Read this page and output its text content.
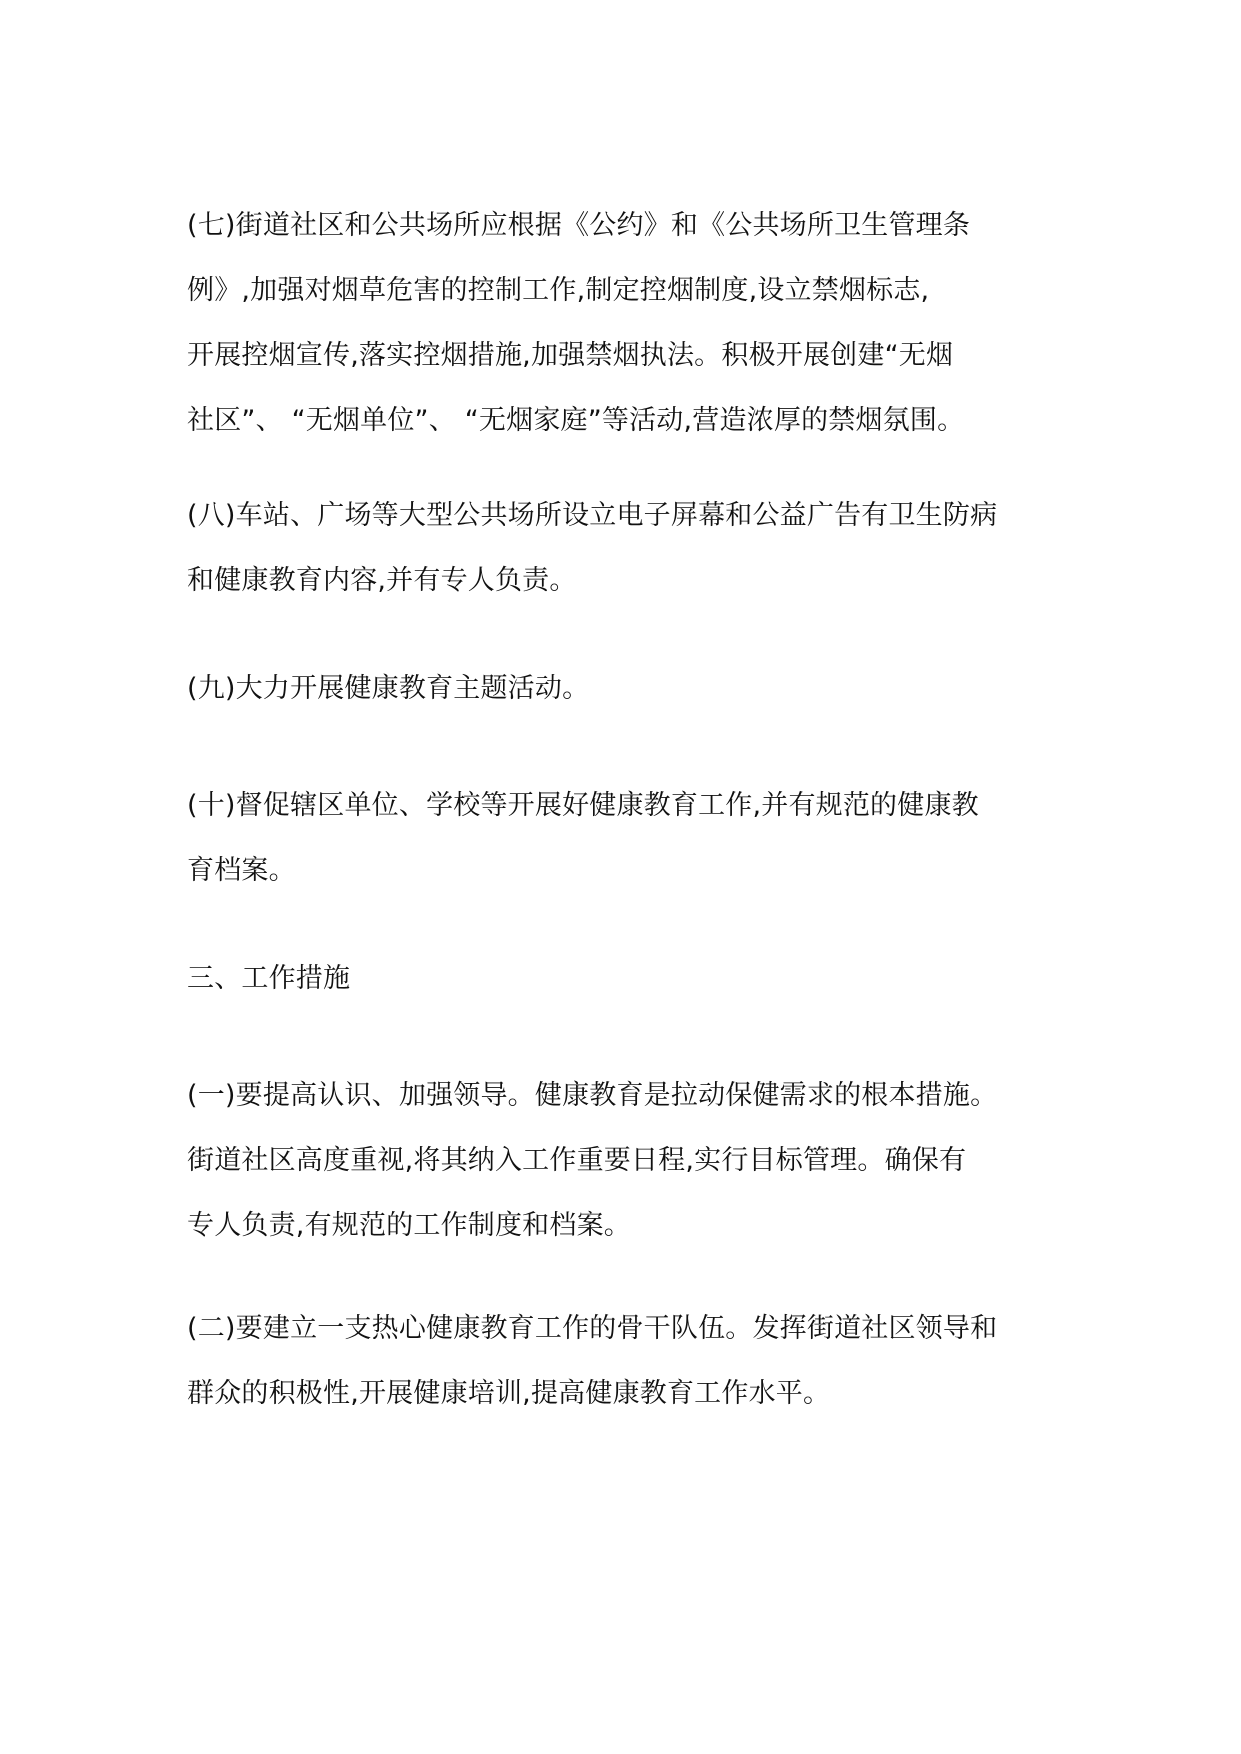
(七)街道社区和公共场所应根据《公约》和《公共场所卫生管理条
例》,加强对烟草危害的控制工作,制定控烟制度,设立禁烟标志,
开展控烟宣传,落实控烟措施,加强禁烟执法。积极开展创建“无烟
社区”、 “无烟单位”、 “无烟家庭”等活动,营造浓厚的禁烟氛围。
(八)车站、广场等大型公共场所设立电子屏幕和公益广告有卫生防病
和健康教育内容,并有专人负责。
(九)大力开展健康教育主题活动。
(十)督促辖区单位、学校等开展好健康教育工作,并有规范的健康教
育档案。
三、工作措施
(一)要提高认识、加强领导。健康教育是拉动保健需求的根本措施。
街道社区高度重视,将其纳入工作重要日程,实行目标管理。确保有
专人负责,有规范的工作制度和档案。
(二)要建立一支热心健康教育工作的骨干队伍。发挥街道社区领导和
群众的积极性,开展健康培训,提高健康教育工作水平。
